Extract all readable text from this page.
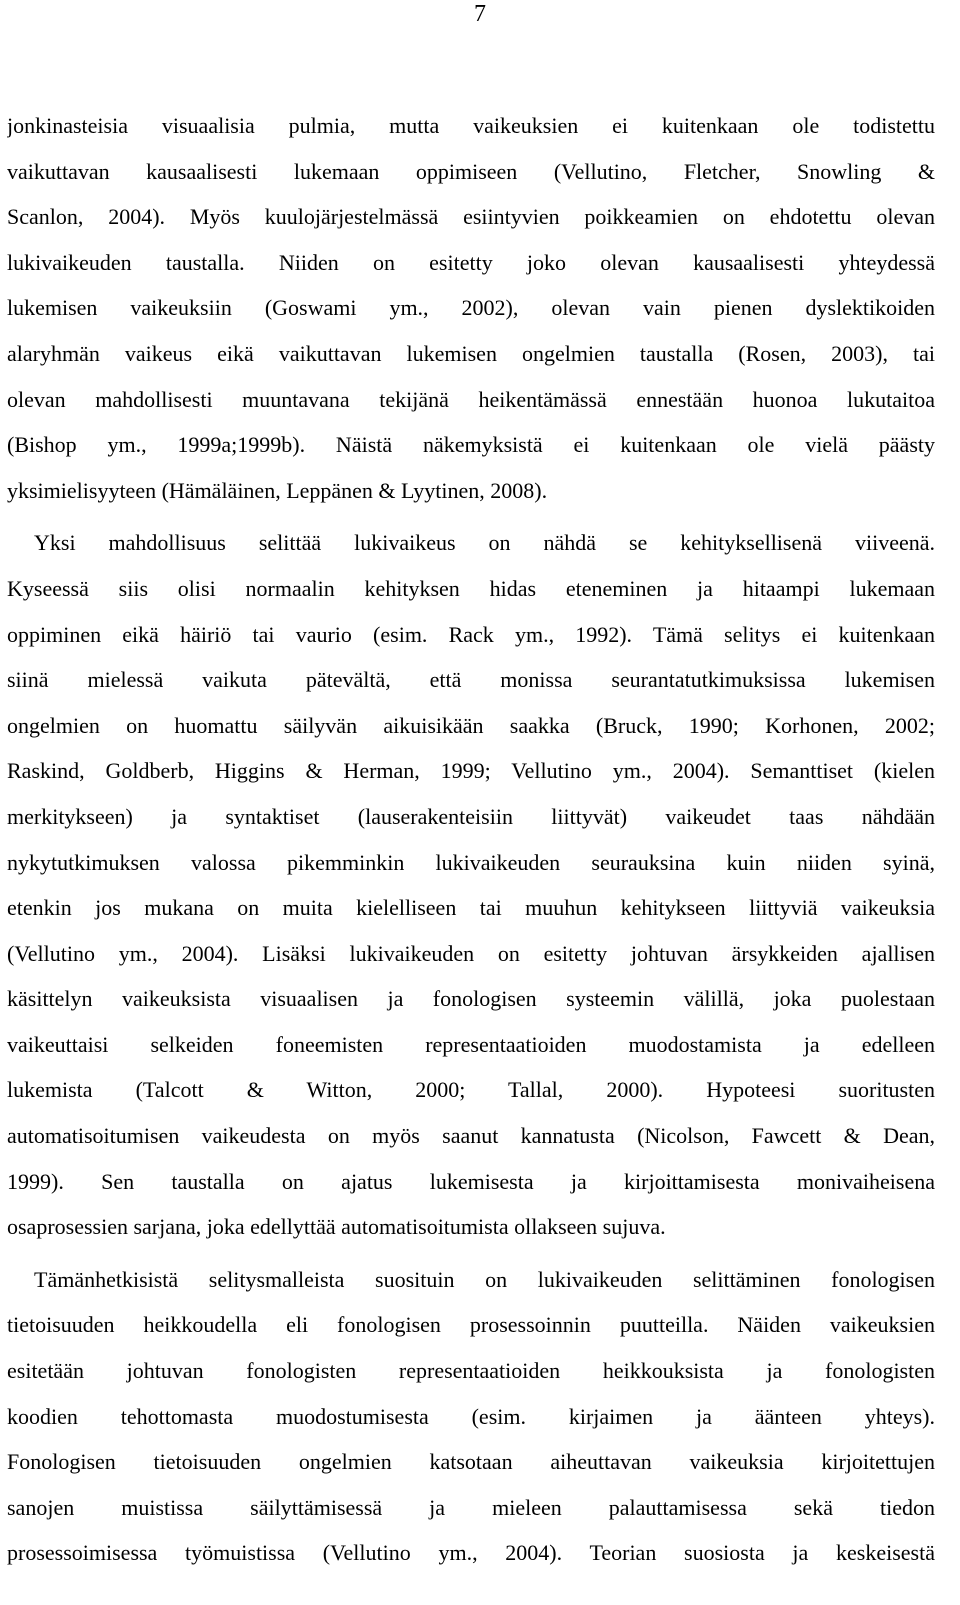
7
jonkinasteisia visuaalisia pulmia, mutta vaikeuksien ei kuitenkaan ole todistettu
vaikuttavan kausaalisesti lukemaan oppimiseen (Vellutino, Fletcher, Snowling &
Scanlon, 2004). Myös kuulojärjestelmässä esiintyvien poikkeamien on ehdotettu olevan
lukivaikeuden taustalla. Niiden on esitetty joko olevan kausaalisesti yhteydessä
lukemisen vaikeuksiin (Goswami ym., 2002), olevan vain pienen dyslektikoiden
alaryhmän vaikeus eikä vaikuttavan lukemisen ongelmien taustalla (Rosen, 2003), tai
olevan mahdollisesti muuntavana tekijänä heikentämässä ennestään huonoa lukutaitoa
(Bishop ym., 1999a;1999b). Näistä näkemyksistä ei kuitenkaan ole vielä päästy
yksimielisyyteen (Hämäläinen, Leppänen & Lyytinen, 2008).
Yksi mahdollisuus selittää lukivaikeus on nähdä se kehityksellisenä viiveenä.
Kyseessä siis olisi normaalin kehityksen hidas eteneminen ja hitaampi lukemaan
oppiminen eikä häiriö tai vaurio (esim. Rack ym., 1992). Tämä selitys ei kuitenkaan
siinä mielessä vaikuta pätevältä, että monissa seurantatutkimuksissa lukemisen
ongelmien on huomattu säilyvän aikuisikään saakka (Bruck, 1990; Korhonen, 2002;
Raskind, Goldberb, Higgins & Herman, 1999; Vellutino ym., 2004). Semanttiset (kielen
merkitykseen) ja syntaktiset (lauserakenteisiin liittyvät) vaikeudet taas nähdään
nykytutkimuksen valossa pikemminkin lukivaikeuden seurauksina kuin niiden syinä,
etenkin jos mukana on muita kielelliseen tai muuhun kehitykseen liittyviä vaikeuksia
(Vellutino ym., 2004). Lisäksi lukivaikeuden on esitetty johtuvan ärsykkeiden ajallisen
käsittelyn vaikeuksista visuaalisen ja fonologisen systeemin välillä, joka puolestaan
vaikeuttaisi selkeiden foneemisten representaatioiden muodostamista ja edelleen
lukemista (Talcott & Witton, 2000; Tallal, 2000). Hypoteesi suoritusten
automatisoitumisen vaikeudesta on myös saanut kannatusta (Nicolson, Fawcett & Dean,
1999). Sen taustalla on ajatus lukemisesta ja kirjoittamisesta monivaiheisena
osaprosessien sarjana, joka edellyttää automatisoitumista ollakseen sujuva.
Tämänhetkisistä selitysmalleista suosituin on lukivaikeuden selittäminen fonologisen
tietoisuuden heikkoudella eli fonologisen prosessoinnin puutteilla. Näiden vaikeuksien
esitetään johtuvan fonologisten representaatioiden heikkouksista ja fonologisten
koodien tehottomasta muodostumisesta (esim. kirjaimen ja äänteen yhteys).
Fonologisen tietoisuuden ongelmien katsotaan aiheuttavan vaikeuksia kirjoitettujen
sanojen muistissa säilyttämisessä ja mieleen palauttamisessa sekä tiedon
prosessoimisessa työmuistissa (Vellutino ym., 2004). Teorian suosiosta ja keskeisestä
